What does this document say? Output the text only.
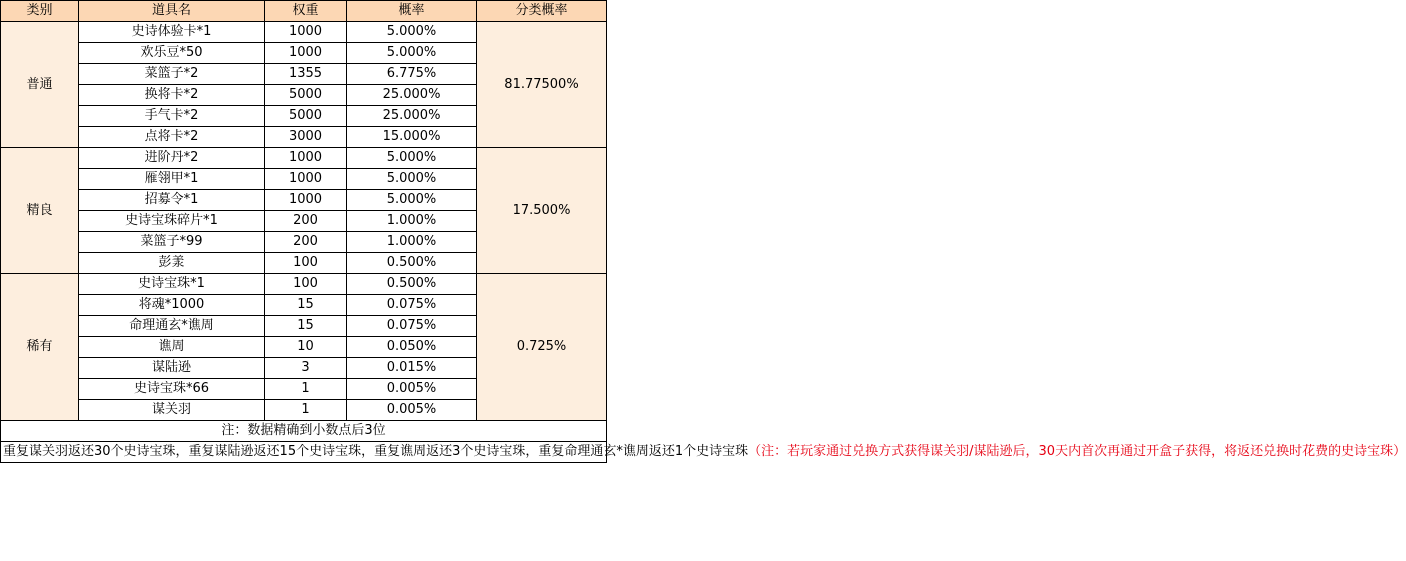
类别	道具名	权重	概率	分类概率
普通	史诗体验卡*1	1000	5.000%	81.77500%
	欢乐豆*50	1000	5.000%	
	菜篮子*2	1355	6.775%	
	换将卡*2	5000	25.000%	
	手气卡*2	5000	25.000%	
	点将卡*2	3000	15.000%	
精良	进阶丹*2	1000	5.000%	17.500%
	雁翎甲*1	1000	5.000%	
	招募令*1	1000	5.000%	
	史诗宝珠碎片*1	200	1.000%	
	菜篮子*99	200	1.000%	
	彭羕	100	0.500%	
稀有	史诗宝珠*1	100	0.500%	0.725%
	将魂*1000	15	0.075%	
	命理通玄*谯周	15	0.075%	
	谯周	10	0.050%	
	谋陆逊	3	0.015%	
	史诗宝珠*66	1	0.005%	
	谋关羽	1	0.005%	
注：数据精确到小数点后3位				
重复谋关羽返还30个史诗宝珠，重复谋陆逊返还15个史诗宝珠，重复谯周返还3个史诗宝珠，重复命理通玄*谯周返还1个史诗宝珠（注：若玩家通过兑换方式获得谋关羽/谋陆逊后，30天内首次再通过开盒子获得，将返还兑换时花费的史诗宝珠）				
